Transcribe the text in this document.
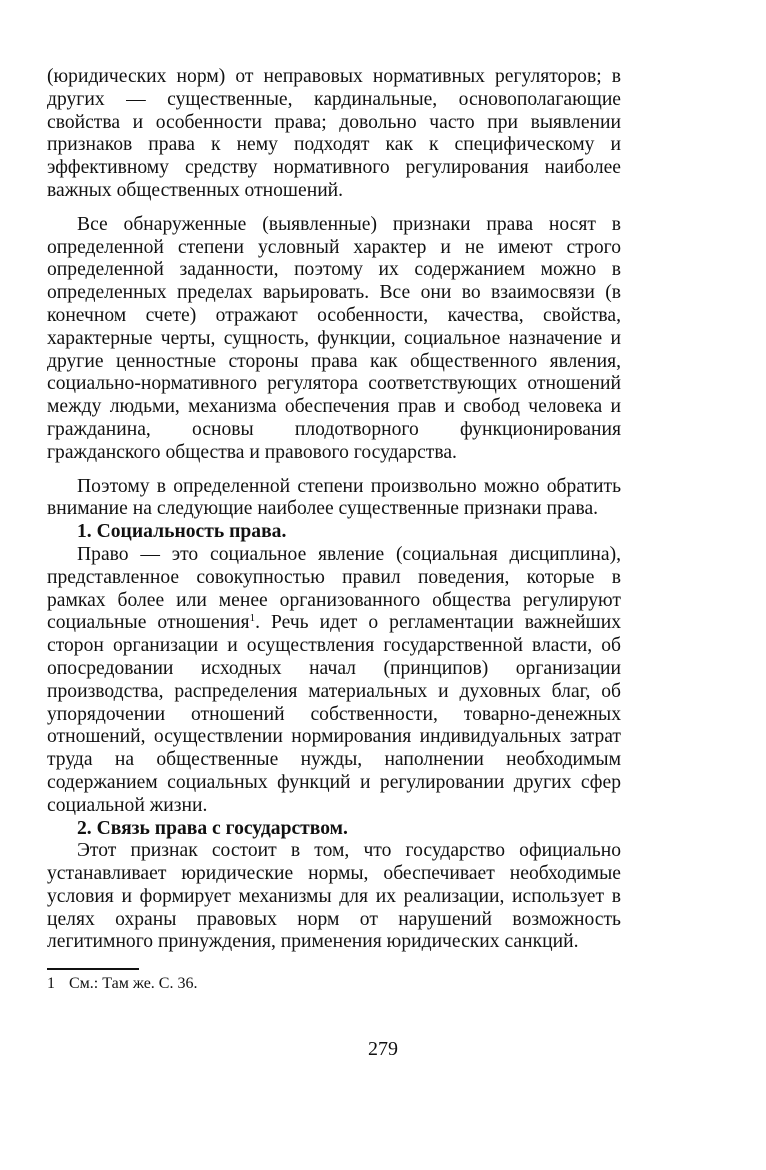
(юридических норм) от неправовых нормативных регуляторов; в других — существенные, кардинальные, основополагающие свойства и особенности права; довольно часто при выявлении признаков права к нему подходят как к специфическому и эффективному средству нормативного регулирования наиболее важных общественных отношений.

Все обнаруженные (выявленные) признаки права носят в определенной степени условный характер и не имеют строго определенной заданности, поэтому их содержанием можно в определенных пределах варьировать. Все они во взаимосвязи (в конечном счете) отражают особенности, качества, свойства, характерные черты, сущность, функции, социальное назначение и другие ценностные стороны права как общественного явления, социально-нормативного регулятора соответствующих отношений между людьми, механизма обеспечения прав и свобод человека и гражданина, основы плодотворного функционирования гражданского общества и правового государства.

Поэтому в определенной степени произвольно можно обратить внимание на следующие наиболее существенные признаки права.

1. Социальность права.

Право — это социальное явление (социальная дисциплина), представленное совокупностью правил поведения, которые в рамках более или менее организованного общества регулируют социальные отношения$^1$. Речь идет о регламентации важнейших сторон организации и осуществления государственной власти, об опосредовании исходных начал (принципов) организации производства, распределения материальных и духовных благ, об упорядочении отношений собственности, товарно-денежных отношений, осуществлении нормирования индивидуальных затрат труда на общественные нужды, наполнении необходимым содержанием социальных функций и регулировании других сфер социальной жизни.

2. Связь права с государством.

Этот признак состоит в том, что государство официально устанавливает юридические нормы, обеспечивает необходимые условия и формирует механизмы для их реализации, использует в целях охраны правовых норм от нарушений возможность легитимного принуждения, применения юридических санкций.

1 См.: Там же. С. 36.

279
